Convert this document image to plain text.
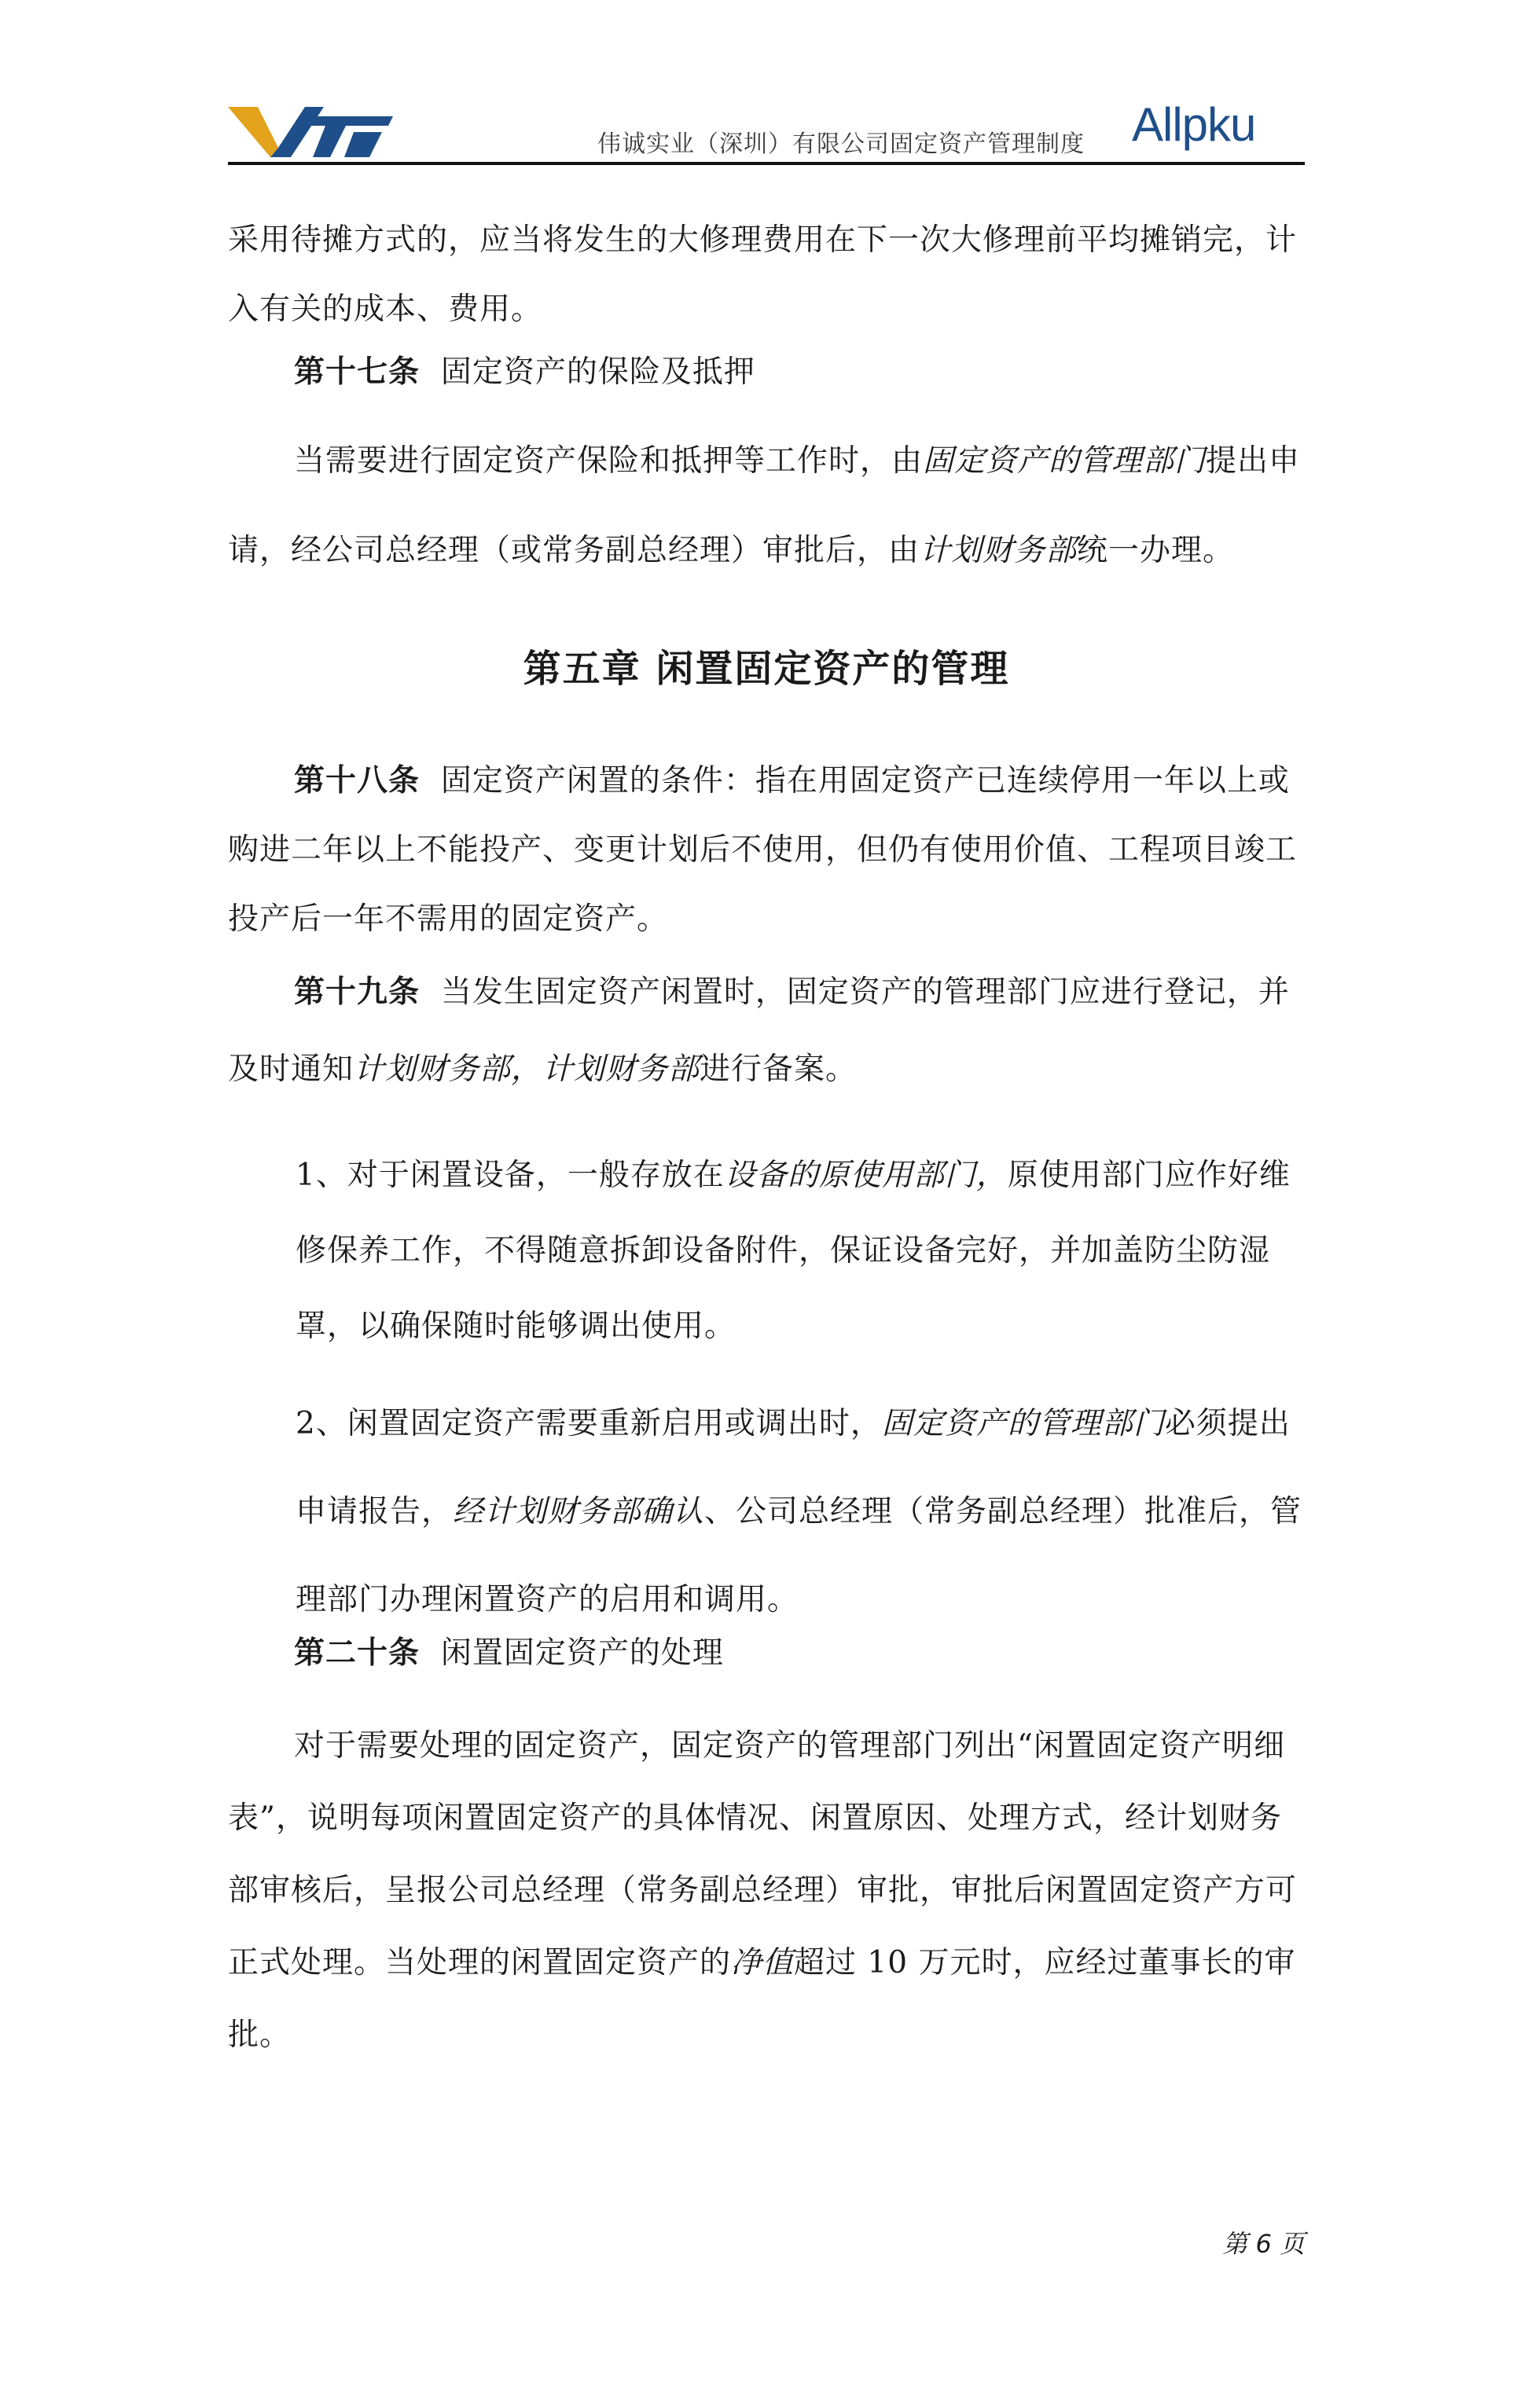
VIT
伟诚实业（深圳）有限公司固定资产管理制度 Allpku
采用待摊方式的，应当将发生的大修理费用在下一次大修理前平均摊销完，计入有关的成本、费用。
第十七条 固定资产的保险及抵押
当需要进行固定资产保险和抵押等工作时，由固定资产的管理部门提出申请，经公司总经理（或常务副总经理）审批后，由计划财务部统一办理。
第五章 闲置固定资产的管理
第十八条 固定资产闲置的条件：指在用固定资产已连续停用一年以上或购进二年以上不能投产、变更计划后不使用，但仍有使用价值、工程项目竣工投产后一年不需用的固定资产。
第十九条 当发生固定资产闲置时，固定资产的管理部门应进行登记，并及时通知计划财务部，计划财务部进行备案。
1、对于闲置设备，一般存放在设备的原使用部门，原使用部门应作好维修保养工作，不得随意拆卸设备附件，保证设备完好，并加盖防尘防湿罩，以确保随时能够调出使用。
2、闲置固定资产需要重新启用或调出时，固定资产的管理部门必须提出申请报告，经计划财务部确认、公司总经理（常务副总经理）批准后，管理部门办理闲置资产的启用和调用。
第二十条 闲置固定资产的处理
对于需要处理的固定资产，固定资产的管理部门列出“闲置固定资产明细表”，说明每项闲置固定资产的具体情况、闲置原因、处理方式，经计划财务部审核后，呈报公司总经理（常务副总经理）审批，审批后闲置固定资产方可正式处理。当处理的闲置固定资产的净值超过 10 万元时，应经过董事长的审批。
第 6 页
